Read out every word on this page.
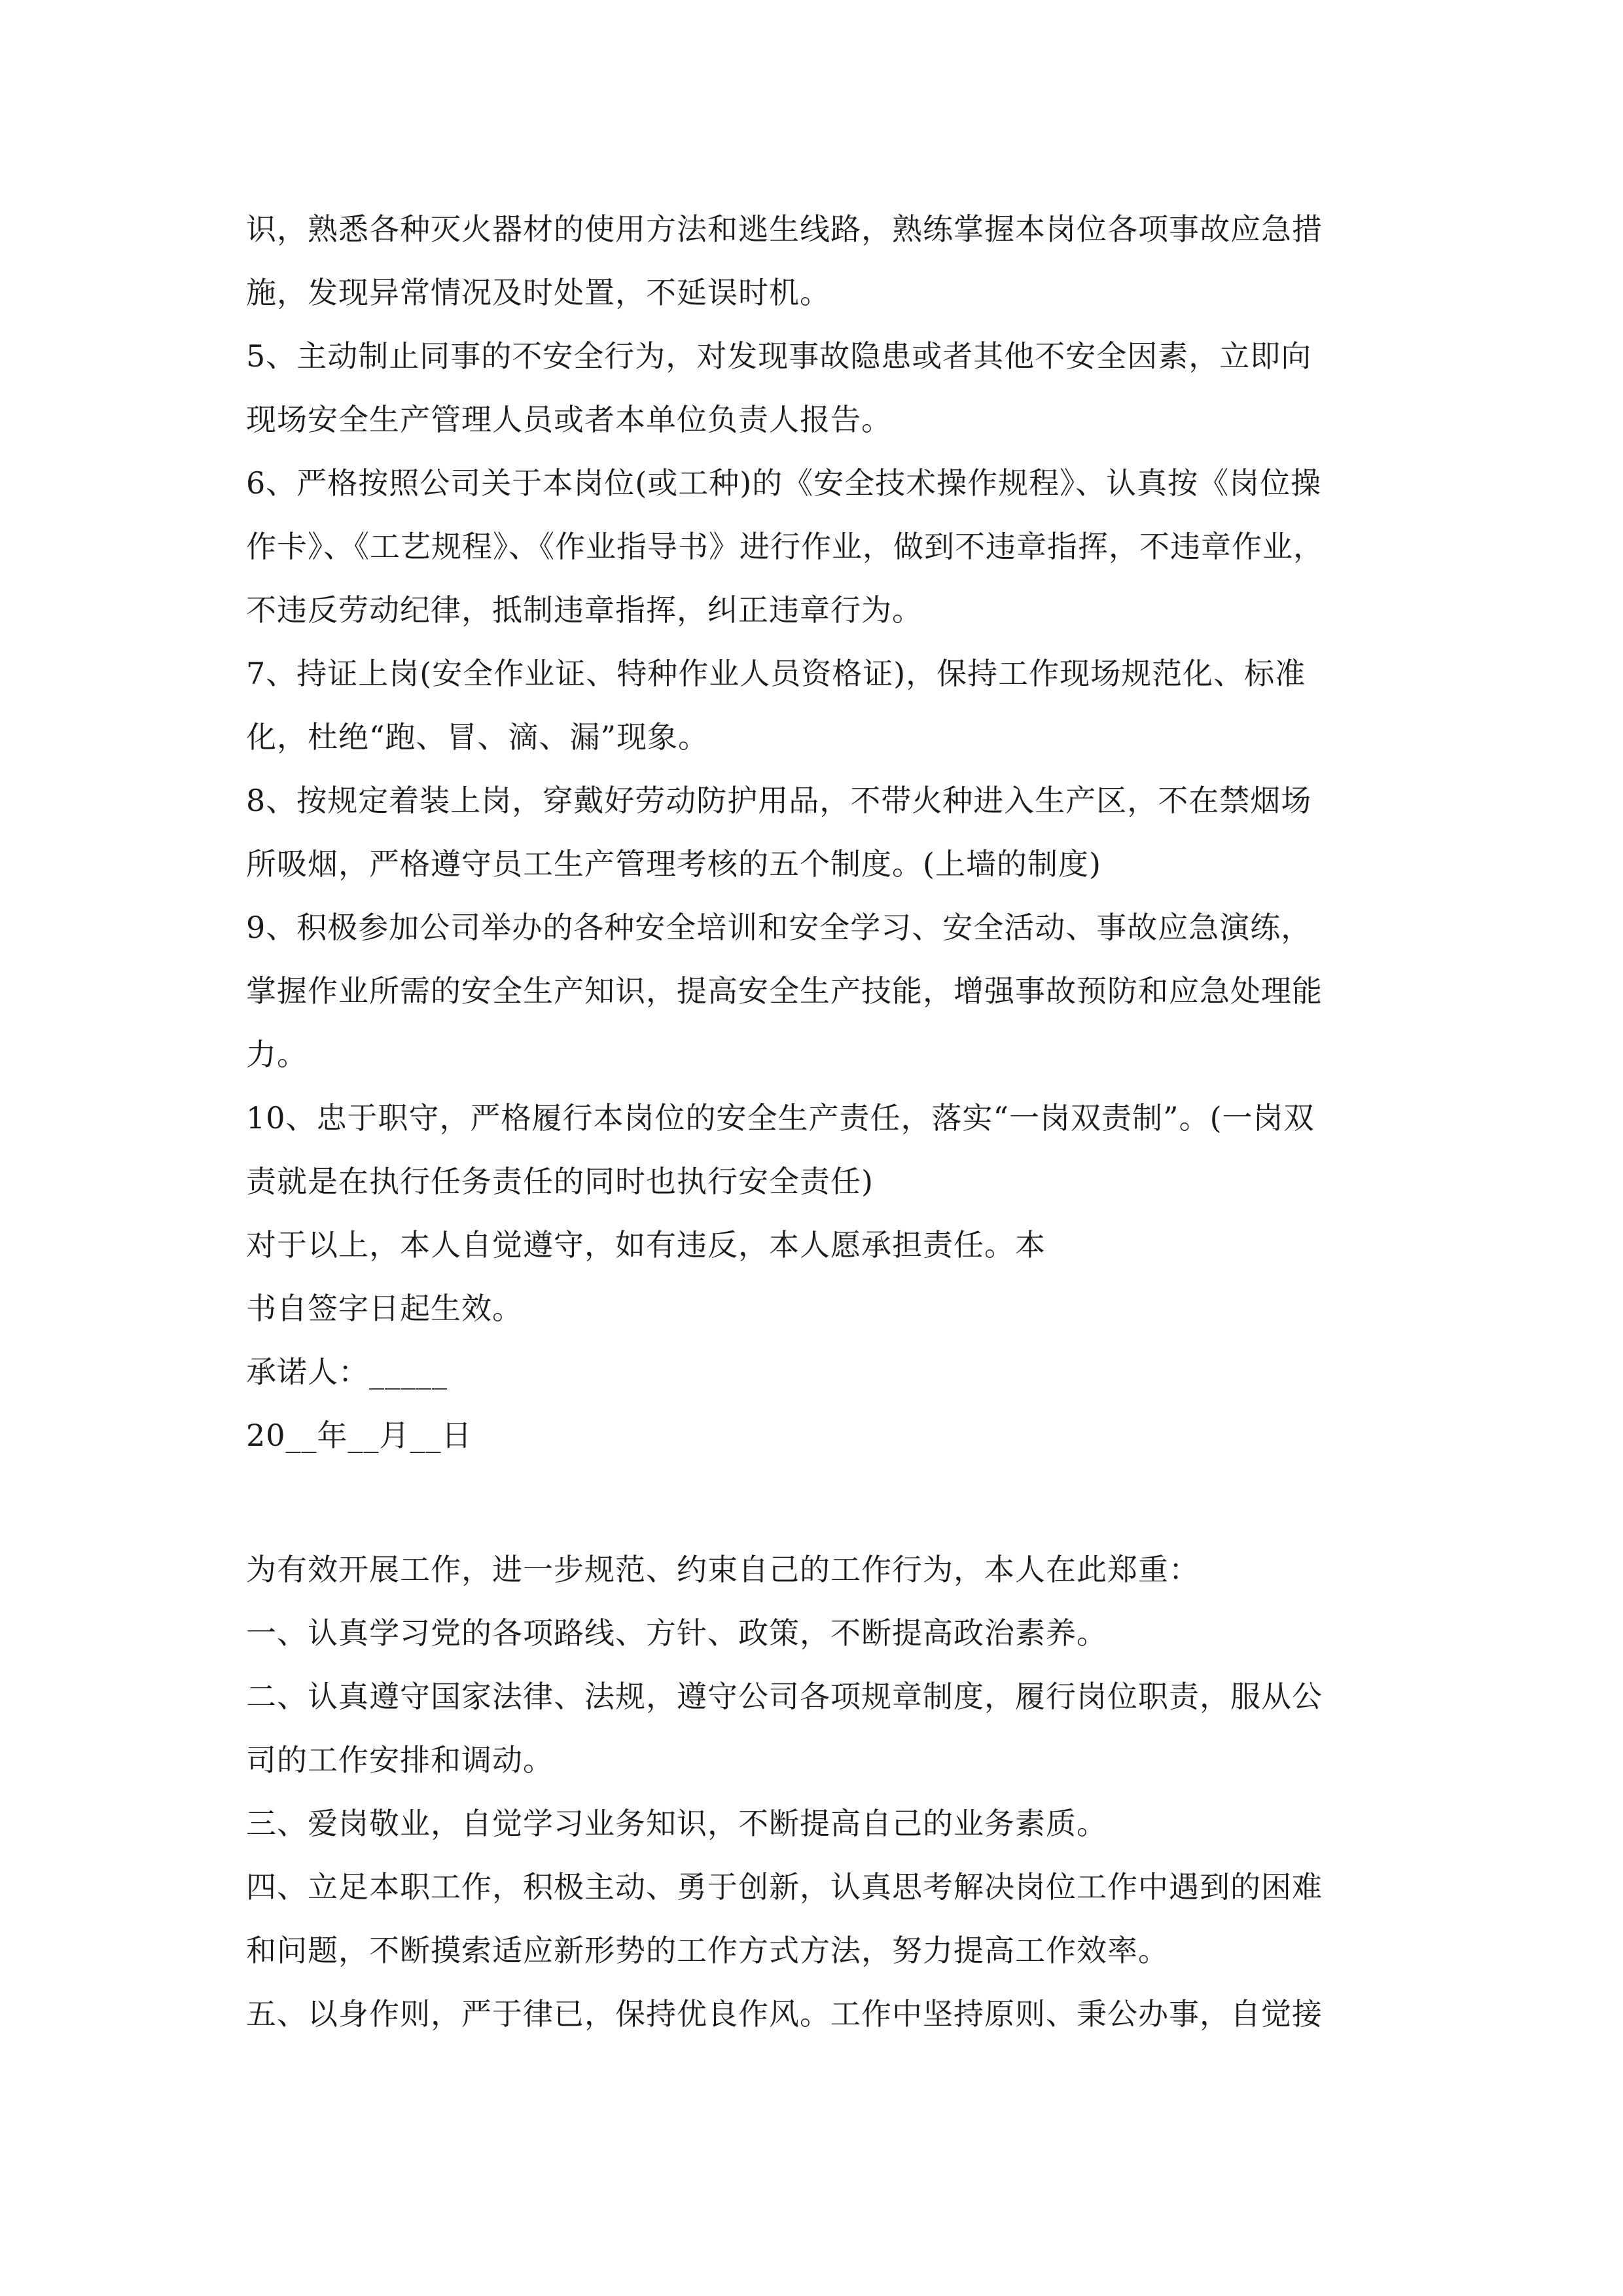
识，熟悉各种灭火器材的使用方法和逃生线路，熟练掌握本岗位各项事故应急措
施，发现异常情况及时处置，不延误时机。
5、主动制止同事的不安全行为，对发现事故隐患或者其他不安全因素，立即向
现场安全生产管理人员或者本单位负责人报告。
6、严格按照公司关于本岗位(或工种)的《安全技术操作规程》、认真按《岗位操
作卡》、《工艺规程》、《作业指导书》进行作业，做到不违章指挥，不违章作业，
不违反劳动纪律，抵制违章指挥，纠正违章行为。
7、持证上岗(安全作业证、特种作业人员资格证)，保持工作现场规范化、标准
化，杜绝“跑、冒、滴、漏”现象。
8、按规定着装上岗，穿戴好劳动防护用品，不带火种进入生产区，不在禁烟场
所吸烟，严格遵守员工生产管理考核的五个制度。(上墙的制度)
9、积极参加公司举办的各种安全培训和安全学习、安全活动、事故应急演练，
掌握作业所需的安全生产知识，提高安全生产技能，增强事故预防和应急处理能
力。
10、忠于职守，严格履行本岗位的安全生产责任，落实“一岗双责制”。(一岗双
责就是在执行任务责任的同时也执行安全责任)
对于以上，本人自觉遵守，如有违反，本人愿承担责任。本
书自签字日起生效。
承诺人：_____
20__年__月__日
为有效开展工作，进一步规范、约束自己的工作行为，本人在此郑重：
一、认真学习党的各项路线、方针、政策，不断提高政治素养。
二、认真遵守国家法律、法规，遵守公司各项规章制度，履行岗位职责，服从公
司的工作安排和调动。
三、爱岗敬业，自觉学习业务知识，不断提高自己的业务素质。
四、立足本职工作，积极主动、勇于创新，认真思考解决岗位工作中遇到的困难
和问题，不断摸索适应新形势的工作方式方法，努力提高工作效率。
五、以身作则，严于律已，保持优良作风。工作中坚持原则、秉公办事，自觉接
